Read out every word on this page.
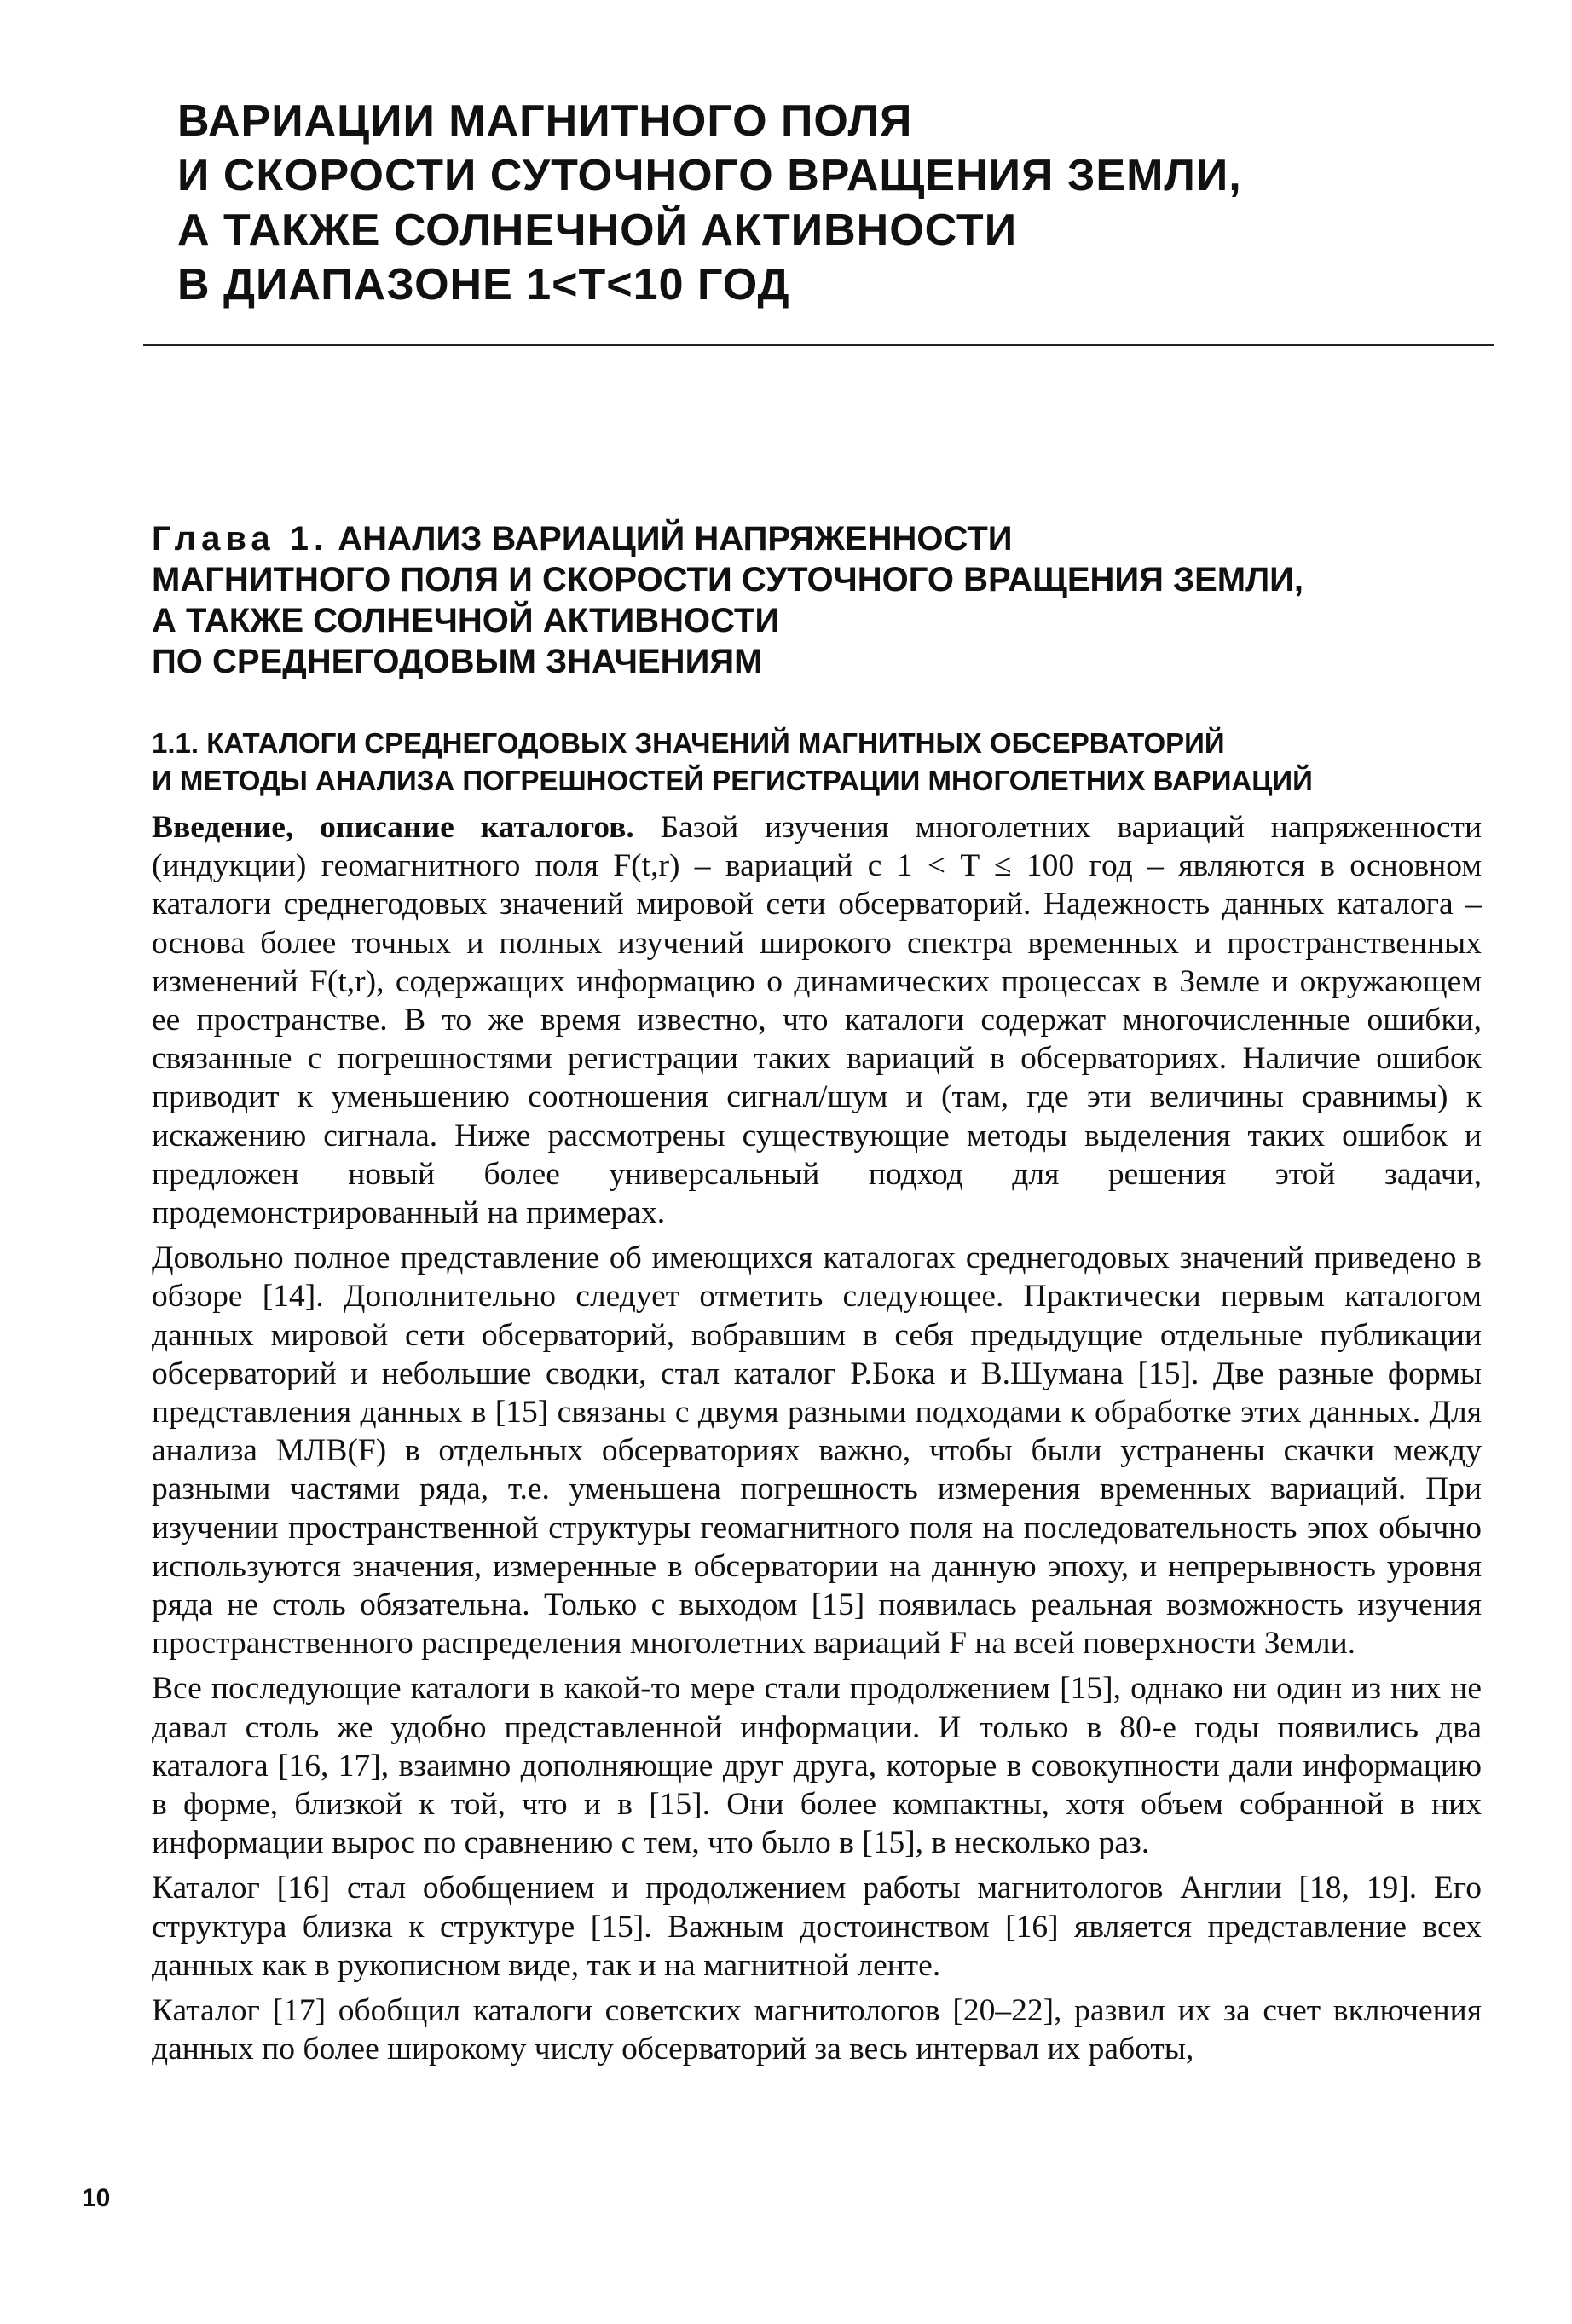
ВАРИАЦИИ МАГНИТНОГО ПОЛЯ
И СКОРОСТИ СУТОЧНОГО ВРАЩЕНИЯ ЗЕМЛИ,
А ТАКЖЕ СОЛНЕЧНОЙ АКТИВНОСТИ
В ДИАПАЗОНЕ 1<T<10 ГОД
Глава 1. АНАЛИЗ ВАРИАЦИЙ НАПРЯЖЕННОСТИ
МАГНИТНОГО ПОЛЯ И СКОРОСТИ СУТОЧНОГО ВРАЩЕНИЯ ЗЕМЛИ,
А ТАКЖЕ СОЛНЕЧНОЙ АКТИВНОСТИ
ПО СРЕДНЕГОДОВЫМ ЗНАЧЕНИЯМ
1.1. КАТАЛОГИ СРЕДНЕГОДОВЫХ ЗНАЧЕНИЙ МАГНИТНЫХ ОБСЕРВАТОРИЙ
И МЕТОДЫ АНАЛИЗА ПОГРЕШНОСТЕЙ РЕГИСТРАЦИИ МНОГОЛЕТНИХ ВАРИАЦИЙ

Введение, описание каталогов. Базой изучения многолетних вариаций напряженности (индукции) геомагнитного поля F(t,r) – вариаций с 1 < T ≤ 100 год – являются в основном каталоги среднегодовых значений мировой сети обсерваторий. Надежность данных каталога – основа более точных и полных изучений широкого спектра временных и пространственных изменений F(t,r), содержащих информацию о динамических процессах в Земле и окружающем ее пространстве. В то же время известно, что каталоги содержат многочисленные ошибки, связанные с погрешностями регистрации таких вариаций в обсерваториях. Наличие ошибок приводит к уменьшению соотношения сигнал/шум и (там, где эти величины сравнимы) к искажению сигнала. Ниже рассмотрены существующие методы выделения таких ошибок и предложен новый более универсальный подход для решения этой задачи, продемонстрированный на примерах.

Довольно полное представление об имеющихся каталогах среднегодовых значений приведено в обзоре [14]. Дополнительно следует отметить следующее. Практически первым каталогом данных мировой сети обсерваторий, вобравшим в себя предыдущие отдельные публикации обсерваторий и небольшие сводки, стал каталог Р.Бока и В.Шумана [15]. Две разные формы представления данных в [15] связаны с двумя разными подходами к обработке этих данных. Для анализа МЛВ(F) в отдельных обсерваториях важно, чтобы были устранены скачки между разными частями ряда, т.е. уменьшена погрешность измерения временных вариаций. При изучении пространственной структуры геомагнитного поля на последовательность эпох обычно используются значения, измеренные в обсерватории на данную эпоху, и непрерывность уровня ряда не столь обязательна. Только с выходом [15] появилась реальная возможность изучения пространственного распределения многолетних вариаций F на всей поверхности Земли.

Все последующие каталоги в какой-то мере стали продолжением [15], однако ни один из них не давал столь же удобно представленной информации. И только в 80-е годы появились два каталога [16, 17], взаимно дополняющие друг друга, которые в совокупности дали информацию в форме, близкой к той, что и в [15]. Они более компактны, хотя объем собранной в них информации вырос по сравнению с тем, что было в [15], в несколько раз.

Каталог [16] стал обобщением и продолжением работы магнитологов Англии [18, 19]. Его структура близка к структуре [15]. Важным достоинством [16] является представление всех данных как в рукописном виде, так и на магнитной ленте.

Каталог [17] обобщил каталоги советских магнитологов [20–22], развил их за счет включения данных по более широкому числу обсерваторий за весь интервал их работы,

10
